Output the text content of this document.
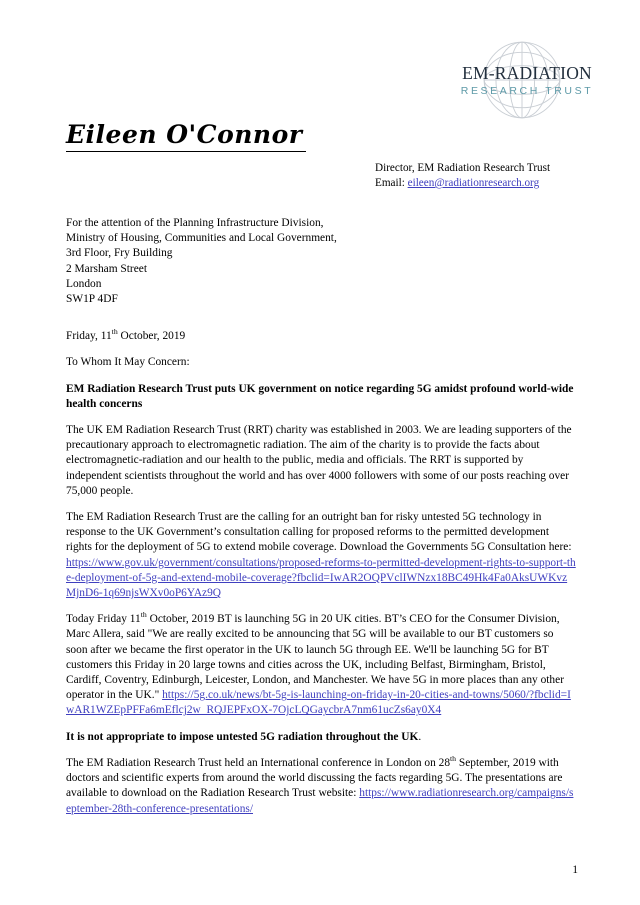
EM-RADIATION
RESEARCH TRUST
Eileen O'Connor
Director, EM Radiation Research Trust
Email: eileen@radiationresearch.org

For the attention of the Planning Infrastructure Division,
Ministry of Housing, Communities and Local Government,
3rd Floor, Fry Building
2 Marsham Street
London
SW1P 4DF

Friday, 11th October, 2019

To Whom It May Concern:

EM Radiation Research Trust puts UK government on notice regarding 5G amidst profound world-wide health concerns

The UK EM Radiation Research Trust (RRT) charity was established in 2003. We are leading supporters of the precautionary approach to electromagnetic radiation. The aim of the charity is to provide the facts about electromagnetic-radiation and our health to the public, media and officials. The RRT is supported by independent scientists throughout the world and has over 4000 followers with some of our posts reaching over 75,000 people.

The EM Radiation Research Trust are the calling for an outright ban for risky untested 5G technology in response to the UK Government’s consultation calling for proposed reforms to the permitted development rights for the deployment of 5G to extend mobile coverage. Download the Governments 5G Consultation here: https://www.gov.uk/government/consultations/proposed-reforms-to-permitted-development-rights-to-support-the-deployment-of-5g-and-extend-mobile-coverage?fbclid=IwAR2OQPVclIWNzx18BC49Hk4Fa0AksUWKvzMjnD6-1q69njsWXv0oP6YAz9Q

Today Friday 11th October, 2019 BT is launching 5G in 20 UK cities. BT’s CEO for the Consumer Division, Marc Allera, said "We are really excited to be announcing that 5G will be available to our BT customers so soon after we became the first operator in the UK to launch 5G through EE. We'll be launching 5G for BT customers this Friday in 20 large towns and cities across the UK, including Belfast, Birmingham, Bristol, Cardiff, Coventry, Edinburgh, Leicester, London, and Manchester. We have 5G in more places than any other operator in the UK." https://5g.co.uk/news/bt-5g-is-launching-on-friday-in-20-cities-and-towns/5060/?fbclid=IwAR1WZEpPFFa6mEflcj2w_RQJEPFxOX-7OjcLQGaycbrA7nm61ucZs6ay0X4

It is not appropriate to impose untested 5G radiation throughout the UK.

The EM Radiation Research Trust held an International conference in London on 28th September, 2019 with doctors and scientific experts from around the world discussing the facts regarding 5G. The presentations are available to download on the Radiation Research Trust website: https://www.radiationresearch.org/campaigns/september-28th-conference-presentations/

1
